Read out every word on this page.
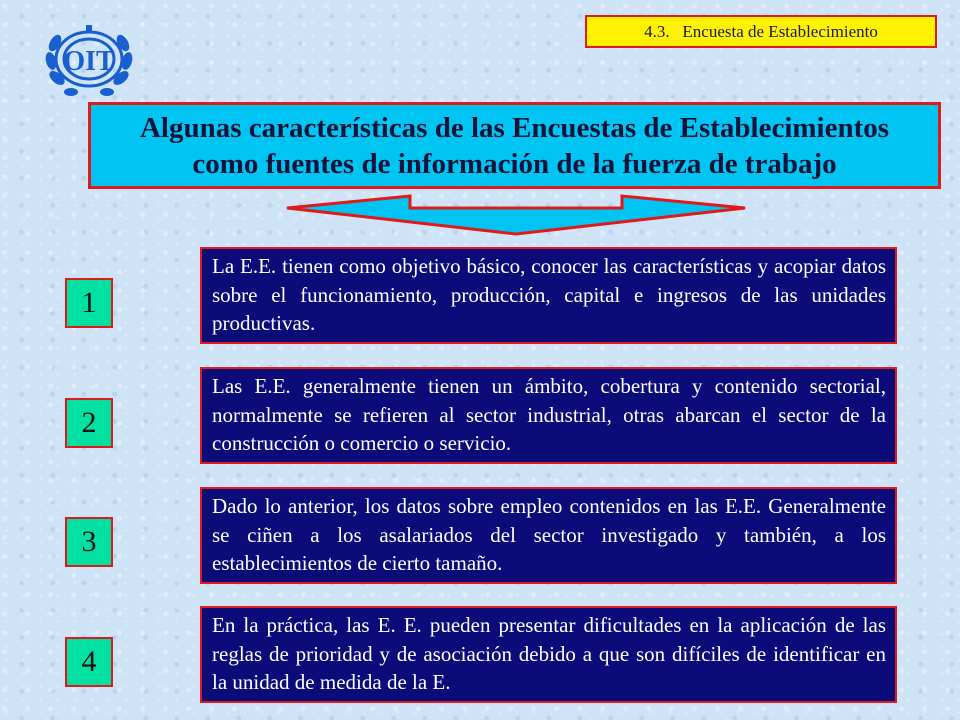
4.3.   Encuesta de Establecimiento
OIT
Algunas características de las Encuestas de Establecimientos
como fuentes de información de la fuerza de trabajo
1
La E.E. tienen como objetivo básico, conocer las características y acopiar datos sobre el funcionamiento, producción, capital e ingresos de las unidades productivas.
2
Las E.E. generalmente tienen un ámbito, cobertura y contenido sectorial, normalmente se refieren al sector industrial, otras abarcan el sector de la construcción o comercio o servicio.
3
Dado lo anterior, los datos sobre empleo contenidos en las E.E. Generalmente se ciñen a los asalariados del sector investigado y también, a los establecimientos de cierto tamaño.
4
En la práctica, las E. E. pueden presentar dificultades en la aplicación de las reglas de prioridad y de asociación debido a que son difíciles de identificar en la unidad de medida de la E.
